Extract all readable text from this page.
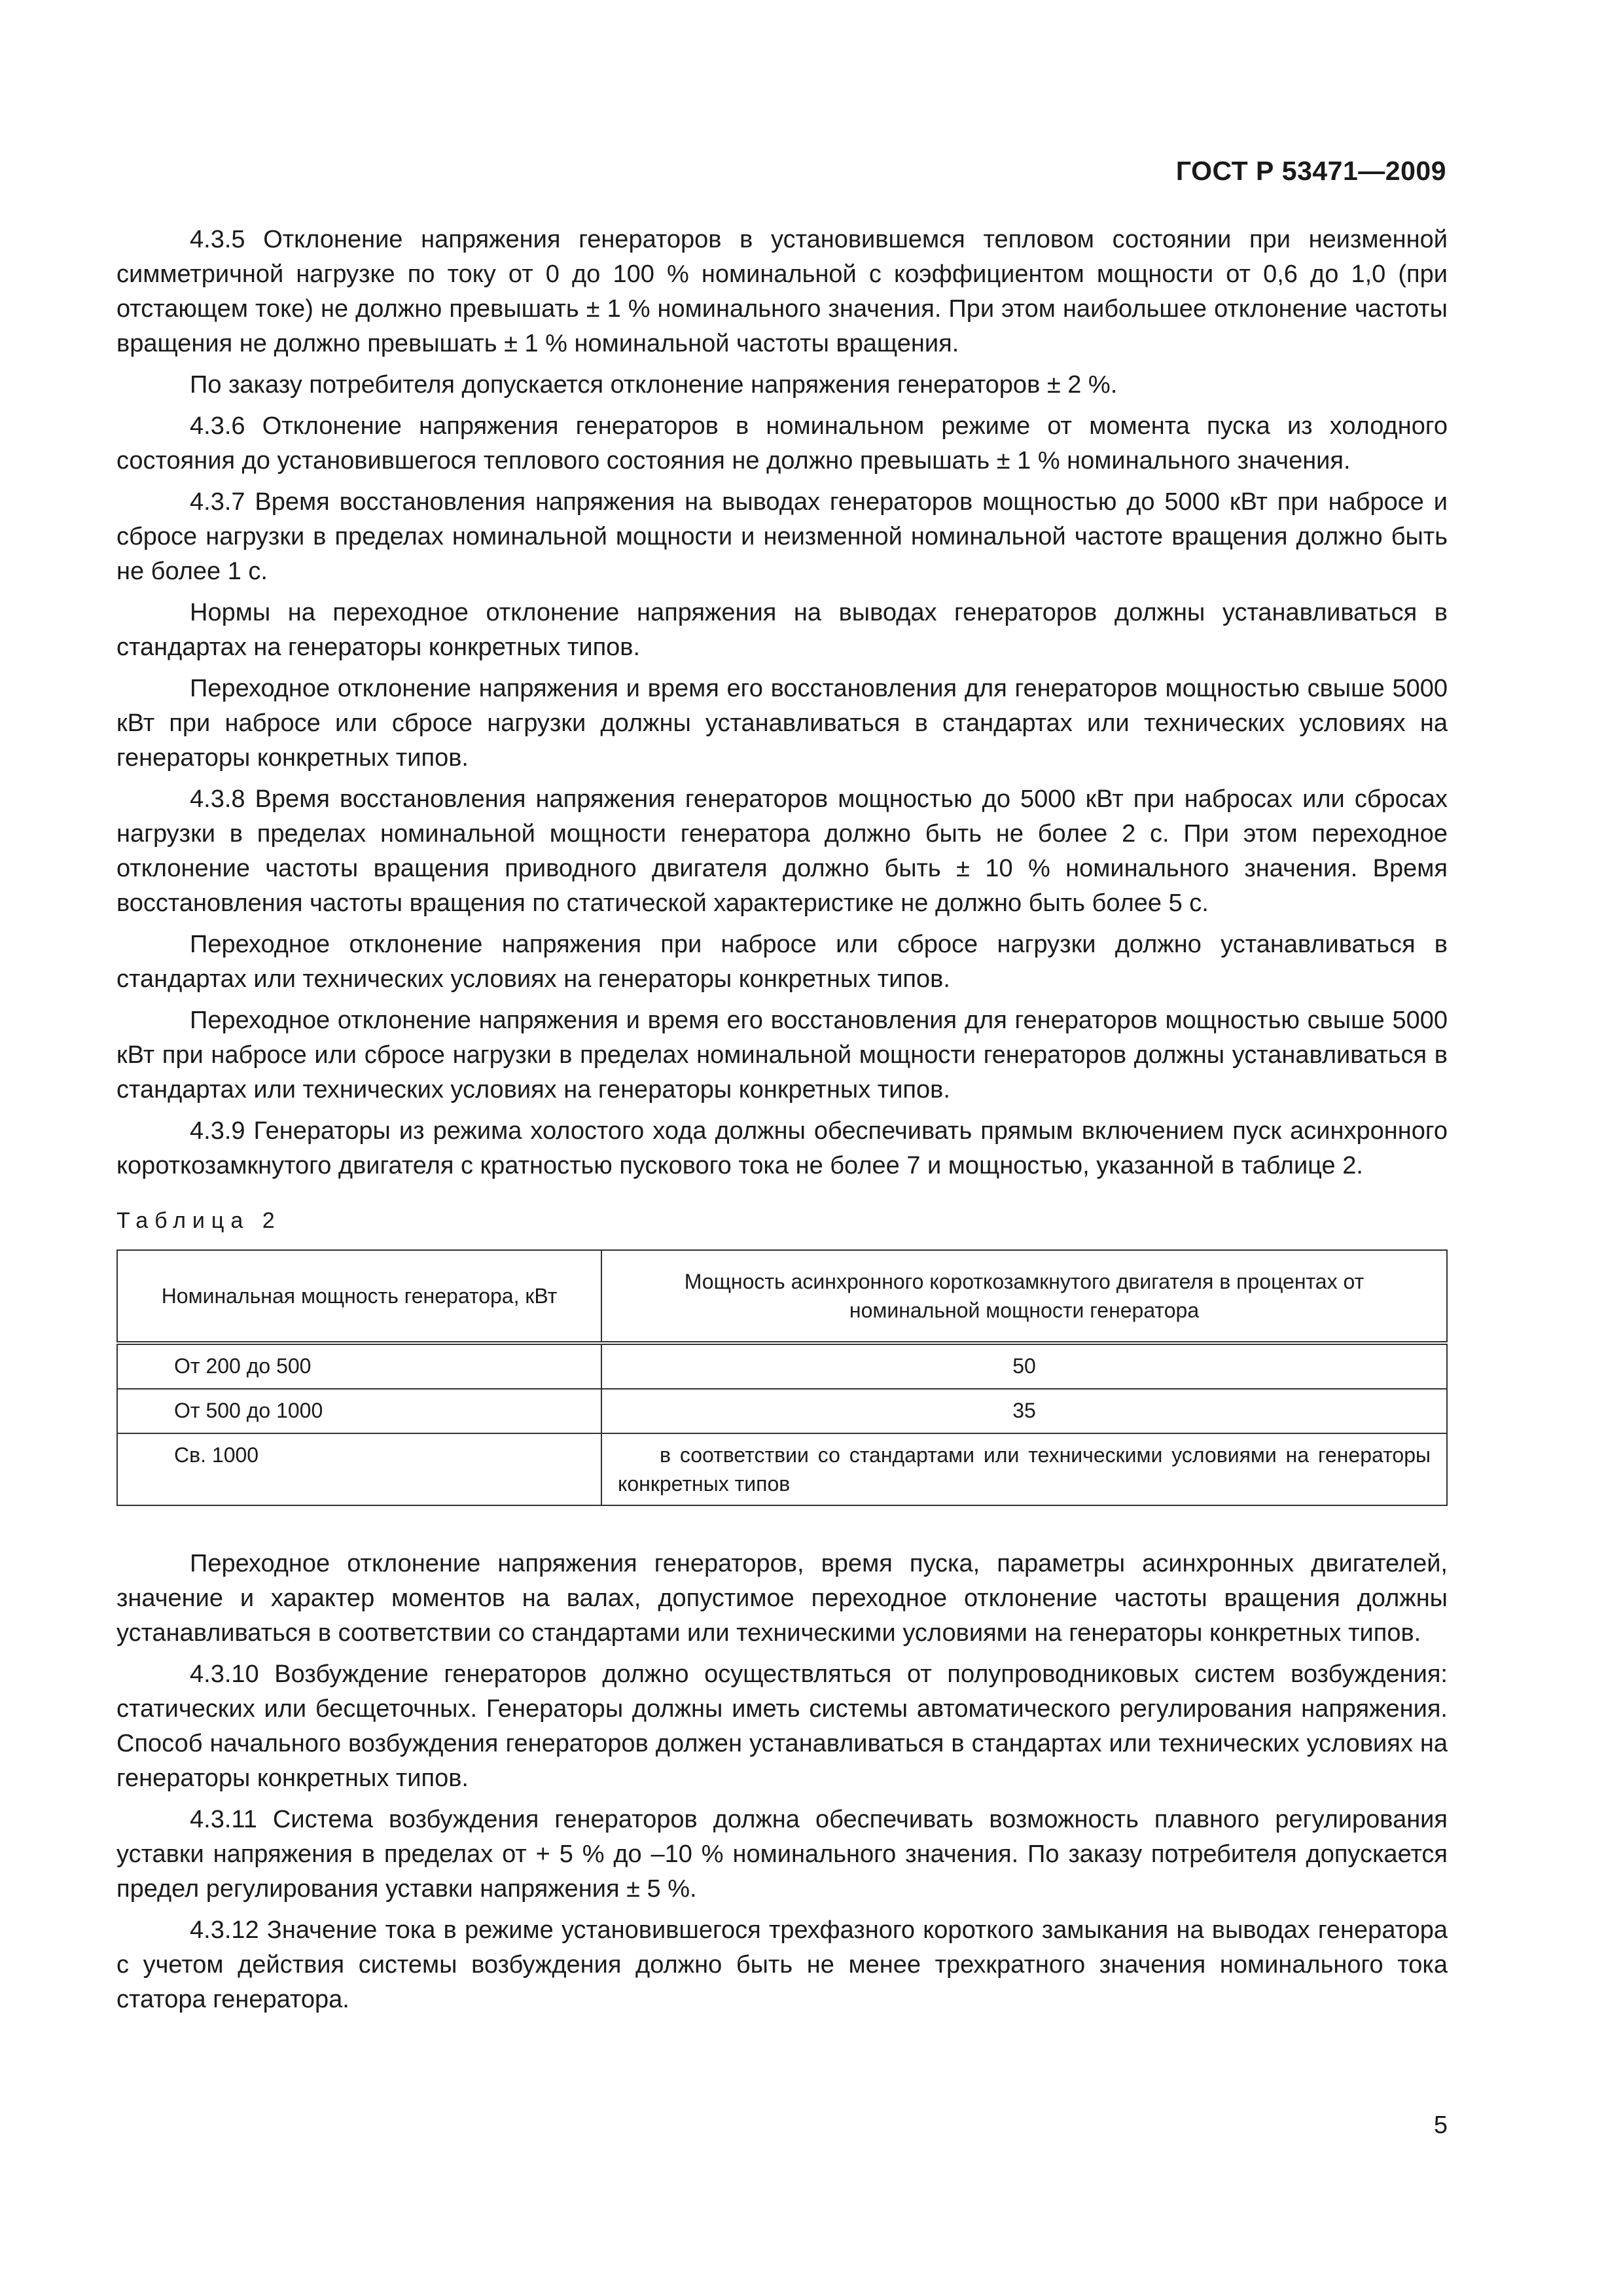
ГОСТ Р 53471—2009

4.3.5 Отклонение напряжения генераторов в установившемся тепловом состоянии при неизменной симметричной нагрузке по току от 0 до 100 % номинальной с коэффициентом мощности от 0,6 до 1,0 (при отстающем токе) не должно превышать ± 1 % номинального значения. При этом наибольшее отклонение частоты вращения не должно превышать ± 1 % номинальной частоты вращения.

По заказу потребителя допускается отклонение напряжения генераторов ± 2 %.

4.3.6 Отклонение напряжения генераторов в номинальном режиме от момента пуска из холодного состояния до установившегося теплового состояния не должно превышать ± 1 % номинального значения.

4.3.7 Время восстановления напряжения на выводах генераторов мощностью до 5000 кВт при набросе и сбросе нагрузки в пределах номинальной мощности и неизменной номинальной частоте вращения должно быть не более 1 с.

Нормы на переходное отклонение напряжения на выводах генераторов должны устанавливаться в стандартах на генераторы конкретных типов.

Переходное отклонение напряжения и время его восстановления для генераторов мощностью свыше 5000 кВт при набросе или сбросе нагрузки должны устанавливаться в стандартах или технических условиях на генераторы конкретных типов.

4.3.8 Время восстановления напряжения генераторов мощностью до 5000 кВт при набросах или сбросах нагрузки в пределах номинальной мощности генератора должно быть не более 2 с. При этом переходное отклонение частоты вращения приводного двигателя должно быть ± 10 % номинального значения. Время восстановления частоты вращения по статической характеристике не должно быть более 5 с.

Переходное отклонение напряжения при набросе или сбросе нагрузки должно устанавливаться в стандартах или технических условиях на генераторы конкретных типов.

Переходное отклонение напряжения и время его восстановления для генераторов мощностью свыше 5000 кВт при набросе или сбросе нагрузки в пределах номинальной мощности генераторов должны устанавливаться в стандартах или технических условиях на генераторы конкретных типов.

4.3.9 Генераторы из режима холостого хода должны обеспечивать прямым включением пуск асинхронного короткозамкнутого двигателя с кратностью пускового тока не более 7 и мощностью, указанной в таблице 2.

Таблица 2
Номинальная мощность генератора, кВт	Мощность асинхронного короткозамкнутого двигателя в процентах от номинальной мощности генератора
От 200 до 500	50
От 500 до 1000	35
Св. 1000	в соответствии со стандартами или техническими условиями на генераторы конкретных типов

Переходное отклонение напряжения генераторов, время пуска, параметры асинхронных двигателей, значение и характер моментов на валах, допустимое переходное отклонение частоты вращения должны устанавливаться в соответствии со стандартами или техническими условиями на генераторы конкретных типов.

4.3.10 Возбуждение генераторов должно осуществляться от полупроводниковых систем возбуждения: статических или бесщеточных. Генераторы должны иметь системы автоматического регулирования напряжения. Способ начального возбуждения генераторов должен устанавливаться в стандартах или технических условиях на генераторы конкретных типов.

4.3.11 Система возбуждения генераторов должна обеспечивать возможность плавного регулирования уставки напряжения в пределах от + 5 % до –10 % номинального значения. По заказу потребителя допускается предел регулирования уставки напряжения ± 5 %.

4.3.12 Значение тока в режиме установившегося трехфазного короткого замыкания на выводах генератора с учетом действия системы возбуждения должно быть не менее трехкратного значения номинального тока статора генератора.

5
